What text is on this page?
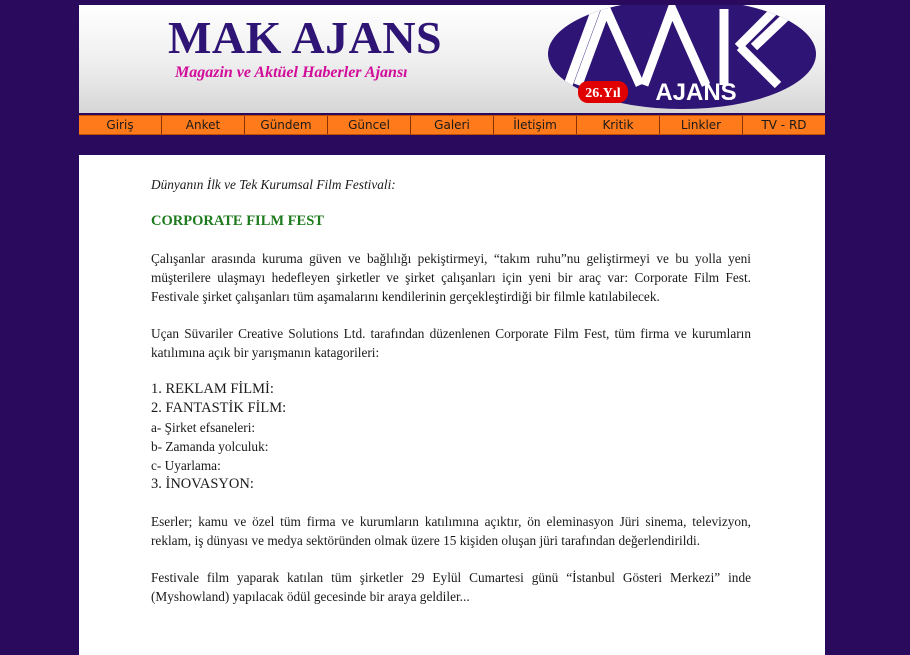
MAK AJANS
Magazin ve Aktüel Haberler Ajansı
26.Yıl AJANS
Giriş	Anket	Gündem	Güncel	Galeri	İletişim	Kritik	Linkler	TV - RD

Dünyanın İlk ve Tek Kurumsal Film Festivali:

CORPORATE FILM FEST

Çalışanlar arasında kuruma güven ve bağlılığı pekiştirmeyi, “takım ruhu”nu geliştirmeyi ve bu yolla yeni müşterilere ulaşmayı hedefleyen şirketler ve şirket çalışanları için yeni bir araç var: Corporate Film Fest. Festivale şirket çalışanları tüm aşamalarını kendilerinin gerçekleştirdiği bir filmle katılabilecek.

Uçan Süvariler Creative Solutions Ltd. tarafından düzenlenen Corporate Film Fest, tüm firma ve kurumların katılımına açık bir yarışmanın katagorileri:

1. REKLAM FİLMİ:
2. FANTASTİK FİLM:
a- Şirket efsaneleri:
b- Zamanda yolculuk:
c- Uyarlama:
3. İNOVASYON:

Eserler; kamu ve özel tüm firma ve kurumların katılımına açıktır, ön eleminasyon Jüri sinema, televizyon, reklam, iş dünyası ve medya sektöründen olmak üzere 15 kişiden oluşan jüri tarafından değerlendirildi.

Festivale film yaparak katılan tüm şirketler 29 Eylül Cumartesi günü “İstanbul Gösteri Merkezi” inde (Myshowland) yapılacak ödül gecesinde bir araya geldiler...
